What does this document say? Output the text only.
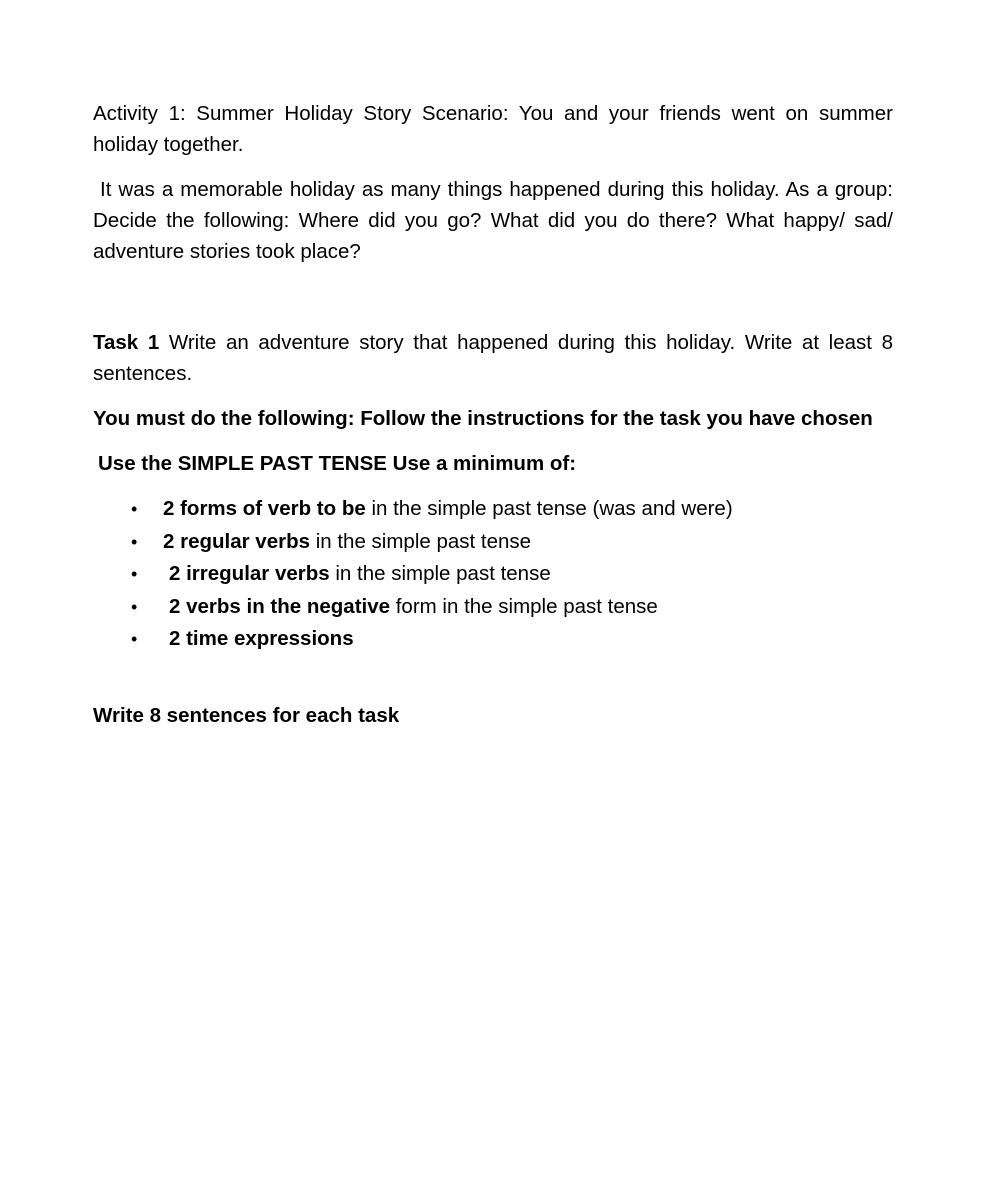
Activity 1: Summer Holiday Story Scenario: You and your friends went on summer holiday together.

It was a memorable holiday as many things happened during this holiday. As a group: Decide the following: Where did you go? What did you do there? What happy/ sad/ adventure stories took place?

Task 1 Write an adventure story that happened during this holiday. Write at least 8 sentences.

You must do the following: Follow the instructions for the task you have chosen

Use the SIMPLE PAST TENSE Use a minimum of:

• 2 forms of verb to be in the simple past tense (was and were)
• 2 regular verbs in the simple past tense
• 2 irregular verbs in the simple past tense
• 2 verbs in the negative form in the simple past tense
• 2 time expressions

Write 8 sentences for each task
